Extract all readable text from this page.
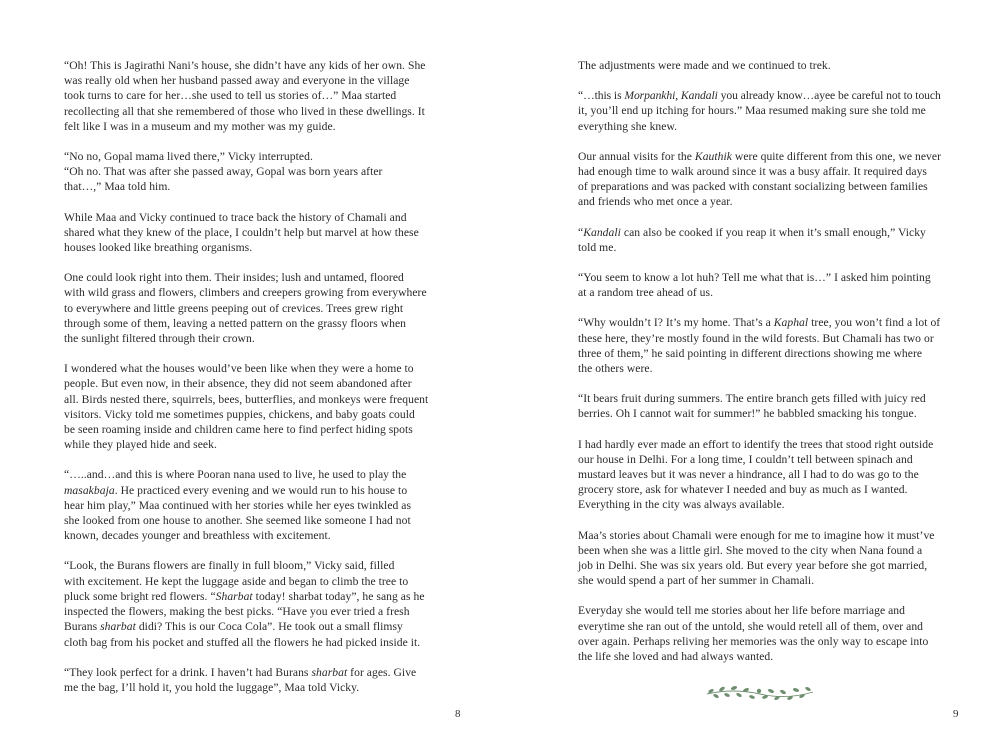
“Oh! This is Jagirathi Nani’s house, she didn’t have any kids of her own. She
was really old when her husband passed away and everyone in the village
took turns to care for her…she used to tell us stories of…” Maa started
recollecting all that she remembered of those who lived in these dwellings. It
felt like I was in a museum and my mother was my guide.
“No no, Gopal mama lived there,” Vicky interrupted.
“Oh no. That was after she passed away, Gopal was born years after
that…,” Maa told him.
While Maa and Vicky continued to trace back the history of Chamali and
shared what they knew of the place, I couldn’t help but marvel at how these
houses looked like breathing organisms.
One could look right into them. Their insides; lush and untamed, floored
with wild grass and flowers, climbers and creepers growing from everywhere
to everywhere and little greens peeping out of crevices. Trees grew right
through some of them, leaving a netted pattern on the grassy floors when
the sunlight filtered through their crown.
I wondered what the houses would’ve been like when they were a home to
people. But even now, in their absence, they did not seem abandoned after
all. Birds nested there, squirrels, bees, butterflies, and monkeys were frequent
visitors. Vicky told me sometimes puppies, chickens, and baby goats could
be seen roaming inside and children came here to find perfect hiding spots
while they played hide and seek.
“…..and…and this is where Pooran nana used to live, he used to play the
masakbaja. He practiced every evening and we would run to his house to
hear him play,” Maa continued with her stories while her eyes twinkled as
she looked from one house to another. She seemed like someone I had not
known, decades younger and breathless with excitement.
“Look, the Burans flowers are finally in full bloom,” Vicky said, filled
with excitement. He kept the luggage aside and began to climb the tree to
pluck some bright red flowers. “Sharbat today! sharbat today”, he sang as he
inspected the flowers, making the best picks. “Have you ever tried a fresh
Burans sharbat didi? This is our Coca Cola”. He took out a small flimsy
cloth bag from his pocket and stuffed all the flowers he had picked inside it.
“They look perfect for a drink. I haven’t had Burans sharbat for ages. Give
me the bag, I’ll hold it, you hold the luggage”, Maa told Vicky.
8
The adjustments were made and we continued to trek.
“…this is Morpankhi, Kandali you already know…ayee be careful not to touch
it, you’ll end up itching for hours.” Maa resumed making sure she told me
everything she knew.
Our annual visits for the Kauthik were quite different from this one, we never
had enough time to walk around since it was a busy affair. It required days
of preparations and was packed with constant socializing between families
and friends who met once a year.
“Kandali can also be cooked if you reap it when it’s small enough,” Vicky
told me.
“You seem to know a lot huh? Tell me what that is…” I asked him pointing
at a random tree ahead of us.
“Why wouldn’t I? It’s my home. That’s a Kaphal tree, you won’t find a lot of
these here, they’re mostly found in the wild forests. But Chamali has two or
three of them,” he said pointing in different directions showing me where
the others were.
“It bears fruit during summers. The entire branch gets filled with juicy red
berries. Oh I cannot wait for summer!” he babbled smacking his tongue.
I had hardly ever made an effort to identify the trees that stood right outside
our house in Delhi. For a long time, I couldn’t tell between spinach and
mustard leaves but it was never a hindrance, all I had to do was go to the
grocery store, ask for whatever I needed and buy as much as I wanted.
Everything in the city was always available.
Maa’s stories about Chamali were enough for me to imagine how it must’ve
been when she was a little girl. She moved to the city when Nana found a
job in Delhi. She was six years old. But every year before she got married,
she would spend a part of her summer in Chamali.
Everyday she would tell me stories about her life before marriage and
everytime she ran out of the untold, she would retell all of them, over and
over again. Perhaps reliving her memories was the only way to escape into
the life she loved and had always wanted.
9
